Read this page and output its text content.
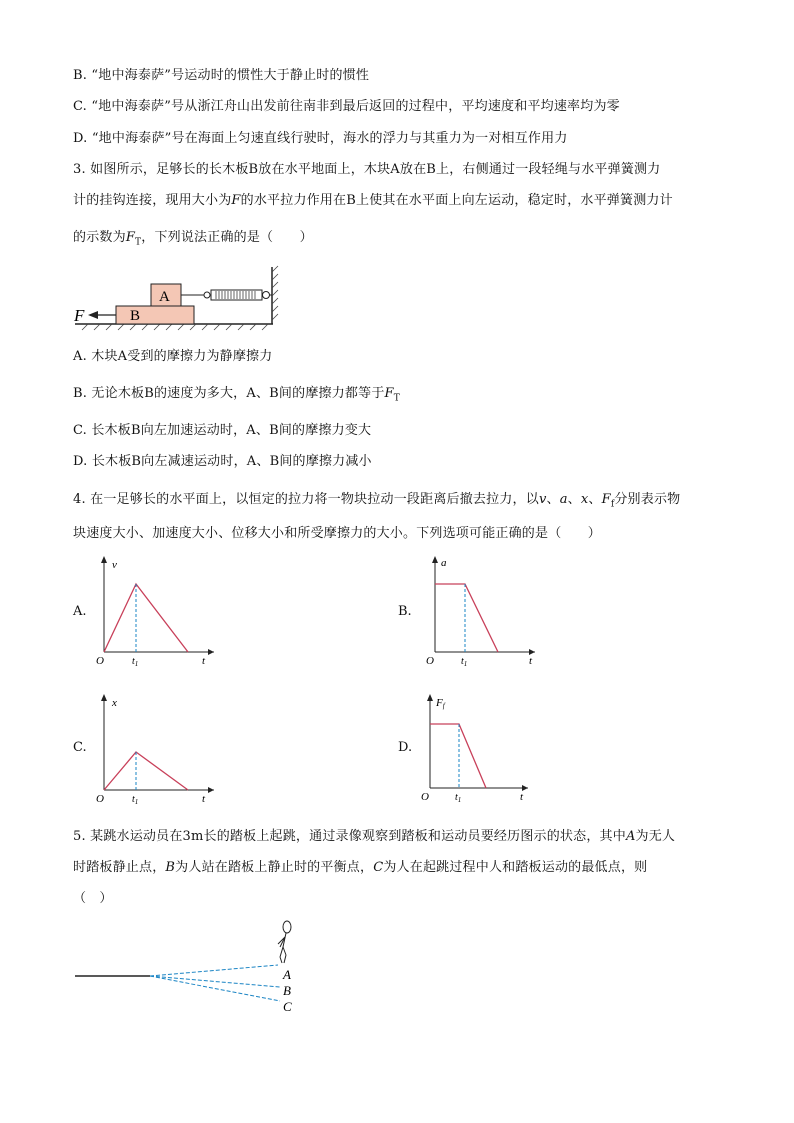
B. “地中海泰萨”号运动时的惯性大于静止时的惯性
C. “地中海泰萨”号从浙江舟山出发前往南非到最后返回的过程中，平均速度和平均速率均为零
D. “地中海泰萨”号在海面上匀速直线行驶时，海水的浮力与其重力为一对相互作用力
3. 如图所示，足够长的长木板B放在水平地面上，木块A放在B上，右侧通过一段轻绳与水平弹簧测力
计的挂钩连接，现用大小为F的水平拉力作用在B上使其在水平面上向左运动，稳定时，水平弹簧测力计
的示数为$F_T$，下列说法正确的是（　　）
B
A
F
A. 木块A受到的摩擦力为静摩擦力
B. 无论木板B的速度为多大，A、B间的摩擦力都等于$F_T$
C. 长木板B向左加速运动时，A、B间的摩擦力变大
D. 长木板B向左减速运动时，A、B间的摩擦力减小
4. 在一足够长的水平面上，以恒定的拉力将一物块拉动一段距离后撤去拉力，以v、a、x、$F_f$分别表示物
块速度大小、加速度大小、位移大小和所受摩擦力的大小。下列选项可能正确的是（　　）
A.	B.
C.	D.
v
O	t
$t_1$
a
O	t
$t_1$
x
O	t
$t_1$
Ff
O	t
$t_1$
5. 某跳水运动员在3m长的踏板上起跳，通过录像观察到踏板和运动员要经历图示的状态，其中A为无人
时踏板静止点，B为人站在踏板上静止时的平衡点，C为人在起跳过程中人和踏板运动的最低点，则
（　）
A
B
C
